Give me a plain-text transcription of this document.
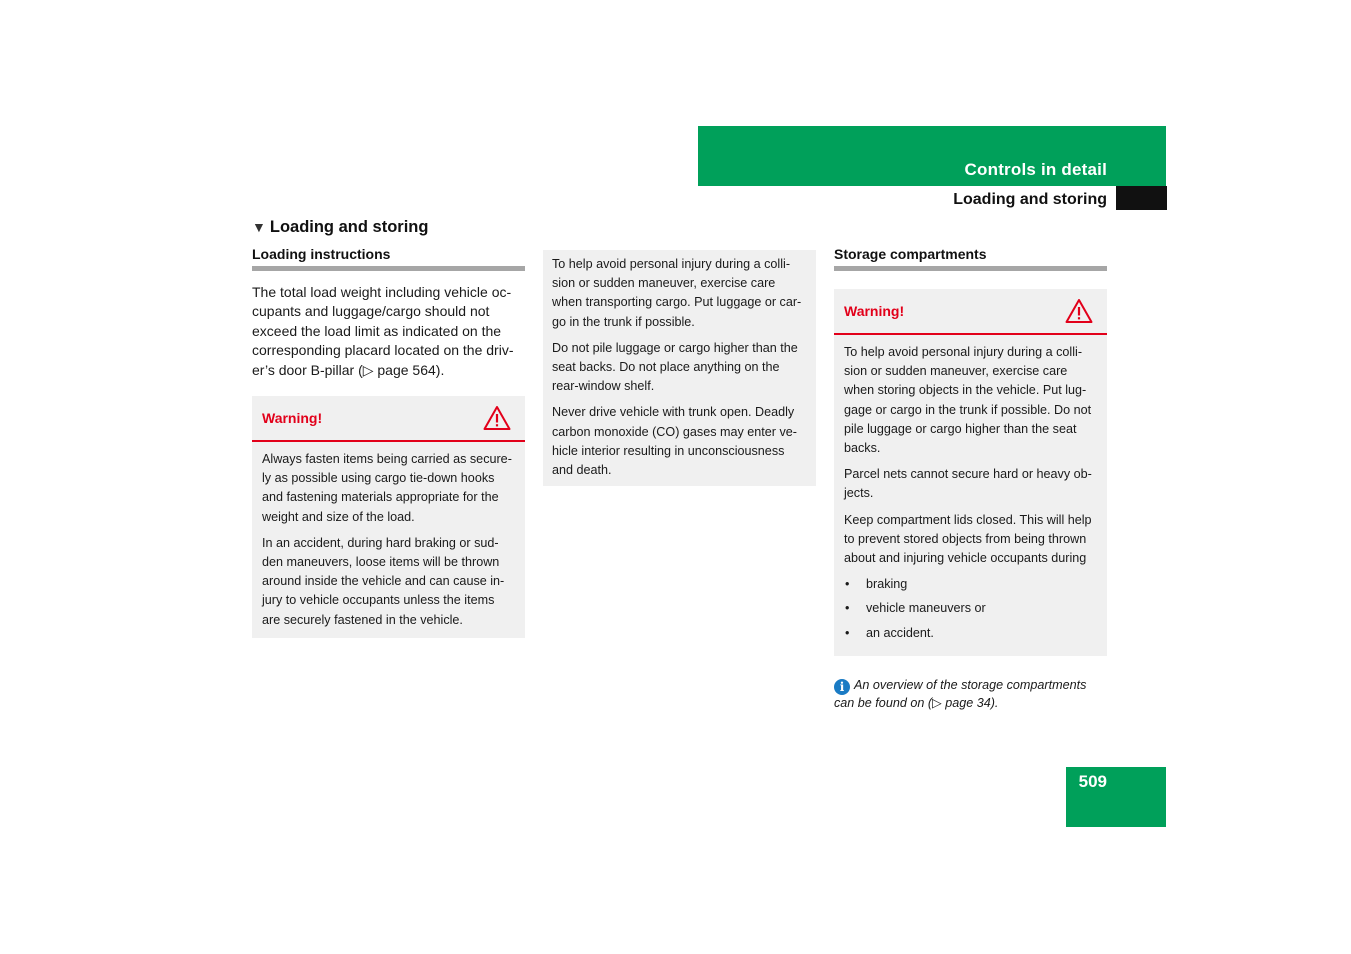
Controls in detail
Loading and storing
▼ Loading and storing
Loading instructions
The total load weight including vehicle oc-cupants and luggage/cargo should not exceed the load limit as indicated on the corresponding placard located on the driv-er’s door B-pillar (▷ page 564).
Warning!

Always fasten items being carried as secure-ly as possible using cargo tie-down hooks and fastening materials appropriate for the weight and size of the load.

In an accident, during hard braking or sud-den maneuvers, loose items will be thrown around inside the vehicle and can cause in-jury to vehicle occupants unless the items are securely fastened in the vehicle.

To help avoid personal injury during a colli-sion or sudden maneuver, exercise care when transporting cargo. Put luggage or car-go in the trunk if possible.

Do not pile luggage or cargo higher than the seat backs. Do not place anything on the rear-window shelf.

Never drive vehicle with trunk open. Deadly carbon monoxide (CO) gases may enter ve-hicle interior resulting in unconsciousness and death.

Storage compartments
Warning!

To help avoid personal injury during a colli-sion or sudden maneuver, exercise care when storing objects in the vehicle. Put lug-gage or cargo in the trunk if possible. Do not pile luggage or cargo higher than the seat backs.

Parcel nets cannot secure hard or heavy ob-jects.

Keep compartment lids closed. This will help to prevent stored objects from being thrown about and injuring vehicle occupants during

• braking
• vehicle maneuvers or
• an accident.
i An overview of the storage compartments can be found on (▷ page 34).
509
